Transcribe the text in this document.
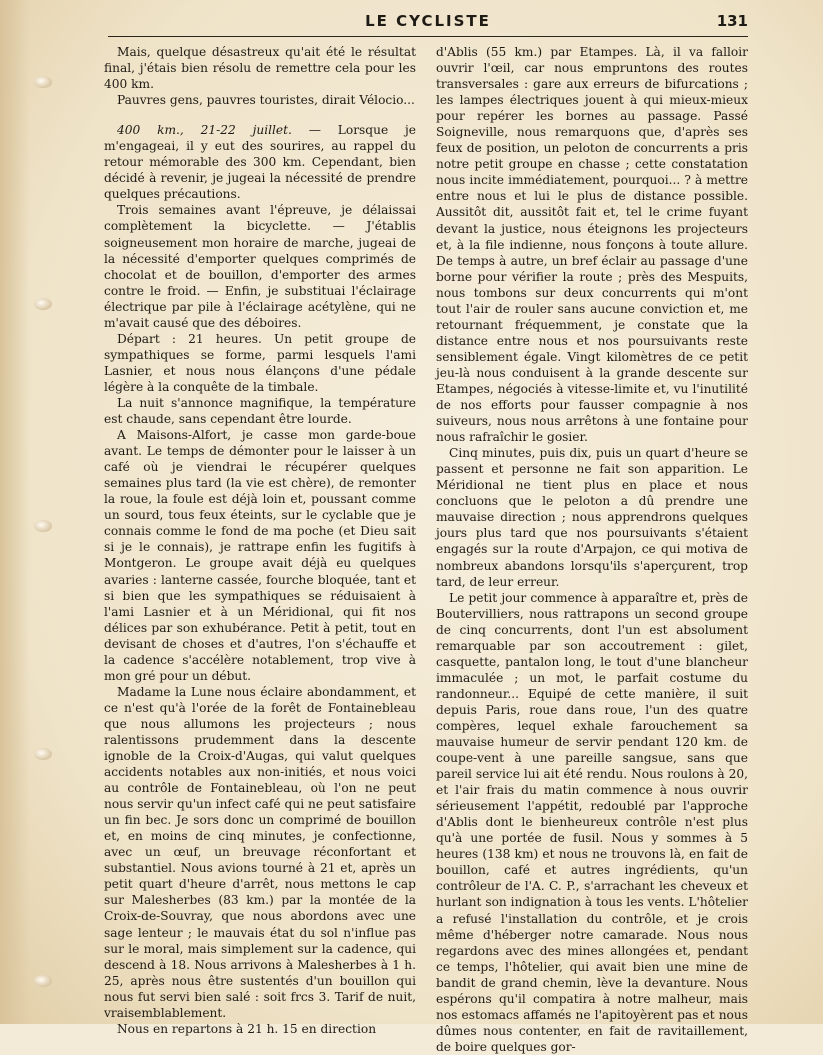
LE CYCLISTE	131

Mais, quelque désastreux qu'ait été le résultat final, j'étais bien résolu de remettre cela pour les 400 km.

Pauvres gens, pauvres touristes, dirait Vélocio...

400 km., 21-22 juillet. — Lorsque je m'engageai, il y eut des sourires, au rappel du retour mémorable des 300 km. Cependant, bien décidé à revenir, je jugeai la nécessité de prendre quelques précautions.

Trois semaines avant l'épreuve, je délaissai complètement la bicyclette. — J'établis soigneusement mon horaire de marche, jugeai de la nécessité d'emporter quelques comprimés de chocolat et de bouillon, d'emporter des armes contre le froid. — Enfin, je substituai l'éclairage électrique par pile à l'éclairage acétylène, qui ne m'avait causé que des déboires.

Départ : 21 heures. Un petit groupe de sympathiques se forme, parmi lesquels l'ami Lasnier, et nous nous élançons d'une pédale légère à la conquête de la timbale.

La nuit s'annonce magnifique, la température est chaude, sans cependant être lourde.

A Maisons-Alfort, je casse mon garde-boue avant. Le temps de démonter pour le laisser à un café où je viendrai le récupérer quelques semaines plus tard (la vie est chère), de remonter la roue, la foule est déjà loin et, poussant comme un sourd, tous feux éteints, sur le cyclable que je connais comme le fond de ma poche (et Dieu sait si je le connais), je rattrape enfin les fugitifs à Montgeron. Le groupe avait déjà eu quelques avaries : lanterne cassée, fourche bloquée, tant et si bien que les sympathiques se réduisaient à l'ami Lasnier et à un Méridional, qui fit nos délices par son exhubérance. Petit à petit, tout en devisant de choses et d'autres, l'on s'échauffe et la cadence s'accélère notablement, trop vive à mon gré pour un début.

Madame la Lune nous éclaire abondamment, et ce n'est qu'à l'orée de la forêt de Fontainebleau que nous allumons les projecteurs ; nous ralentissons prudemment dans la descente ignoble de la Croix-d'Augas, qui valut quelques accidents notables aux non-initiés, et nous voici au contrôle de Fontainebleau, où l'on ne peut nous servir qu'un infect café qui ne peut satisfaire un fin bec. Je sors donc un comprimé de bouillon et, en moins de cinq minutes, je confectionne, avec un œuf, un breuvage réconfortant et substantiel. Nous avions tourné à 21 et, après un petit quart d'heure d'arrêt, nous mettons le cap sur Malesherbes (83 km.) par la montée de la Croix-de-Souvray, que nous abordons avec une sage lenteur ; le mauvais état du sol n'influe pas sur le moral, mais simplement sur la cadence, qui descend à 18. Nous arrivons à Malesherbes à 1 h. 25, après nous être sustentés d'un bouillon qui nous fut servi bien salé : soit frcs 3. Tarif de nuit, vraisemblablement.

Nous en repartons à 21 h. 15 en direction

d'Ablis (55 km.) par Etampes. Là, il va falloir ouvrir l'œil, car nous empruntons des routes transversales : gare aux erreurs de bifurcations ; les lampes électriques jouent à qui mieux-mieux pour repérer les bornes au passage. Passé Soigneville, nous remarquons que, d'après ses feux de position, un peloton de concurrents a pris notre petit groupe en chasse ; cette constatation nous incite immédiatement, pourquoi... ? à mettre entre nous et lui le plus de distance possible. Aussitôt dit, aussitôt fait et, tel le crime fuyant devant la justice, nous éteignons les projecteurs et, à la file indienne, nous fonçons à toute allure. De temps à autre, un bref éclair au passage d'une borne pour vérifier la route ; près des Mespuits, nous tombons sur deux concurrents qui m'ont tout l'air de rouler sans aucune conviction et, me retournant fréquemment, je constate que la distance entre nous et nos poursuivants reste sensiblement égale. Vingt kilomètres de ce petit jeu-là nous conduisent à la grande descente sur Etampes, négociés à vitesse-limite et, vu l'inutilité de nos efforts pour fausser compagnie à nos suiveurs, nous nous arrêtons à une fontaine pour nous rafraîchir le gosier.

Cinq minutes, puis dix, puis un quart d'heure se passent et personne ne fait son apparition. Le Méridional ne tient plus en place et nous concluons que le peloton a dû prendre une mauvaise direction ; nous apprendrons quelques jours plus tard que nos poursuivants s'étaient engagés sur la route d'Arpajon, ce qui motiva de nombreux abandons lorsqu'ils s'aperçurent, trop tard, de leur erreur.

Le petit jour commence à apparaître et, près de Boutervilliers, nous rattrapons un second groupe de cinq concurrents, dont l'un est absolument remarquable par son accoutrement : gilet, casquette, pantalon long, le tout d'une blancheur immaculée ; un mot, le parfait costume du randonneur... Equipé de cette manière, il suit depuis Paris, roue dans roue, l'un des quatre compères, lequel exhale farouchement sa mauvaise humeur de servir pendant 120 km. de coupe-vent à une pareille sangsue, sans que pareil service lui ait été rendu. Nous roulons à 20, et l'air frais du matin commence à nous ouvrir sérieusement l'appétit, redoublé par l'approche d'Ablis dont le bienheureux contrôle n'est plus qu'à une portée de fusil. Nous y sommes à 5 heures (138 km) et nous ne trouvons là, en fait de bouillon, café et autres ingrédients, qu'un contrôleur de l'A. C. P., s'arrachant les cheveux et hurlant son indignation à tous les vents. L'hôtelier a refusé l'installation du contrôle, et je crois même d'héberger notre camarade. Nous nous regardons avec des mines allongées et, pendant ce temps, l'hôtelier, qui avait bien une mine de bandit de grand chemin, lève la devanture. Nous espérons qu'il compatira à notre malheur, mais nos estomacs affamés ne l'apitoyèrent pas et nous dûmes nous contenter, en fait de ravitaillement, de boire quelques gor-
